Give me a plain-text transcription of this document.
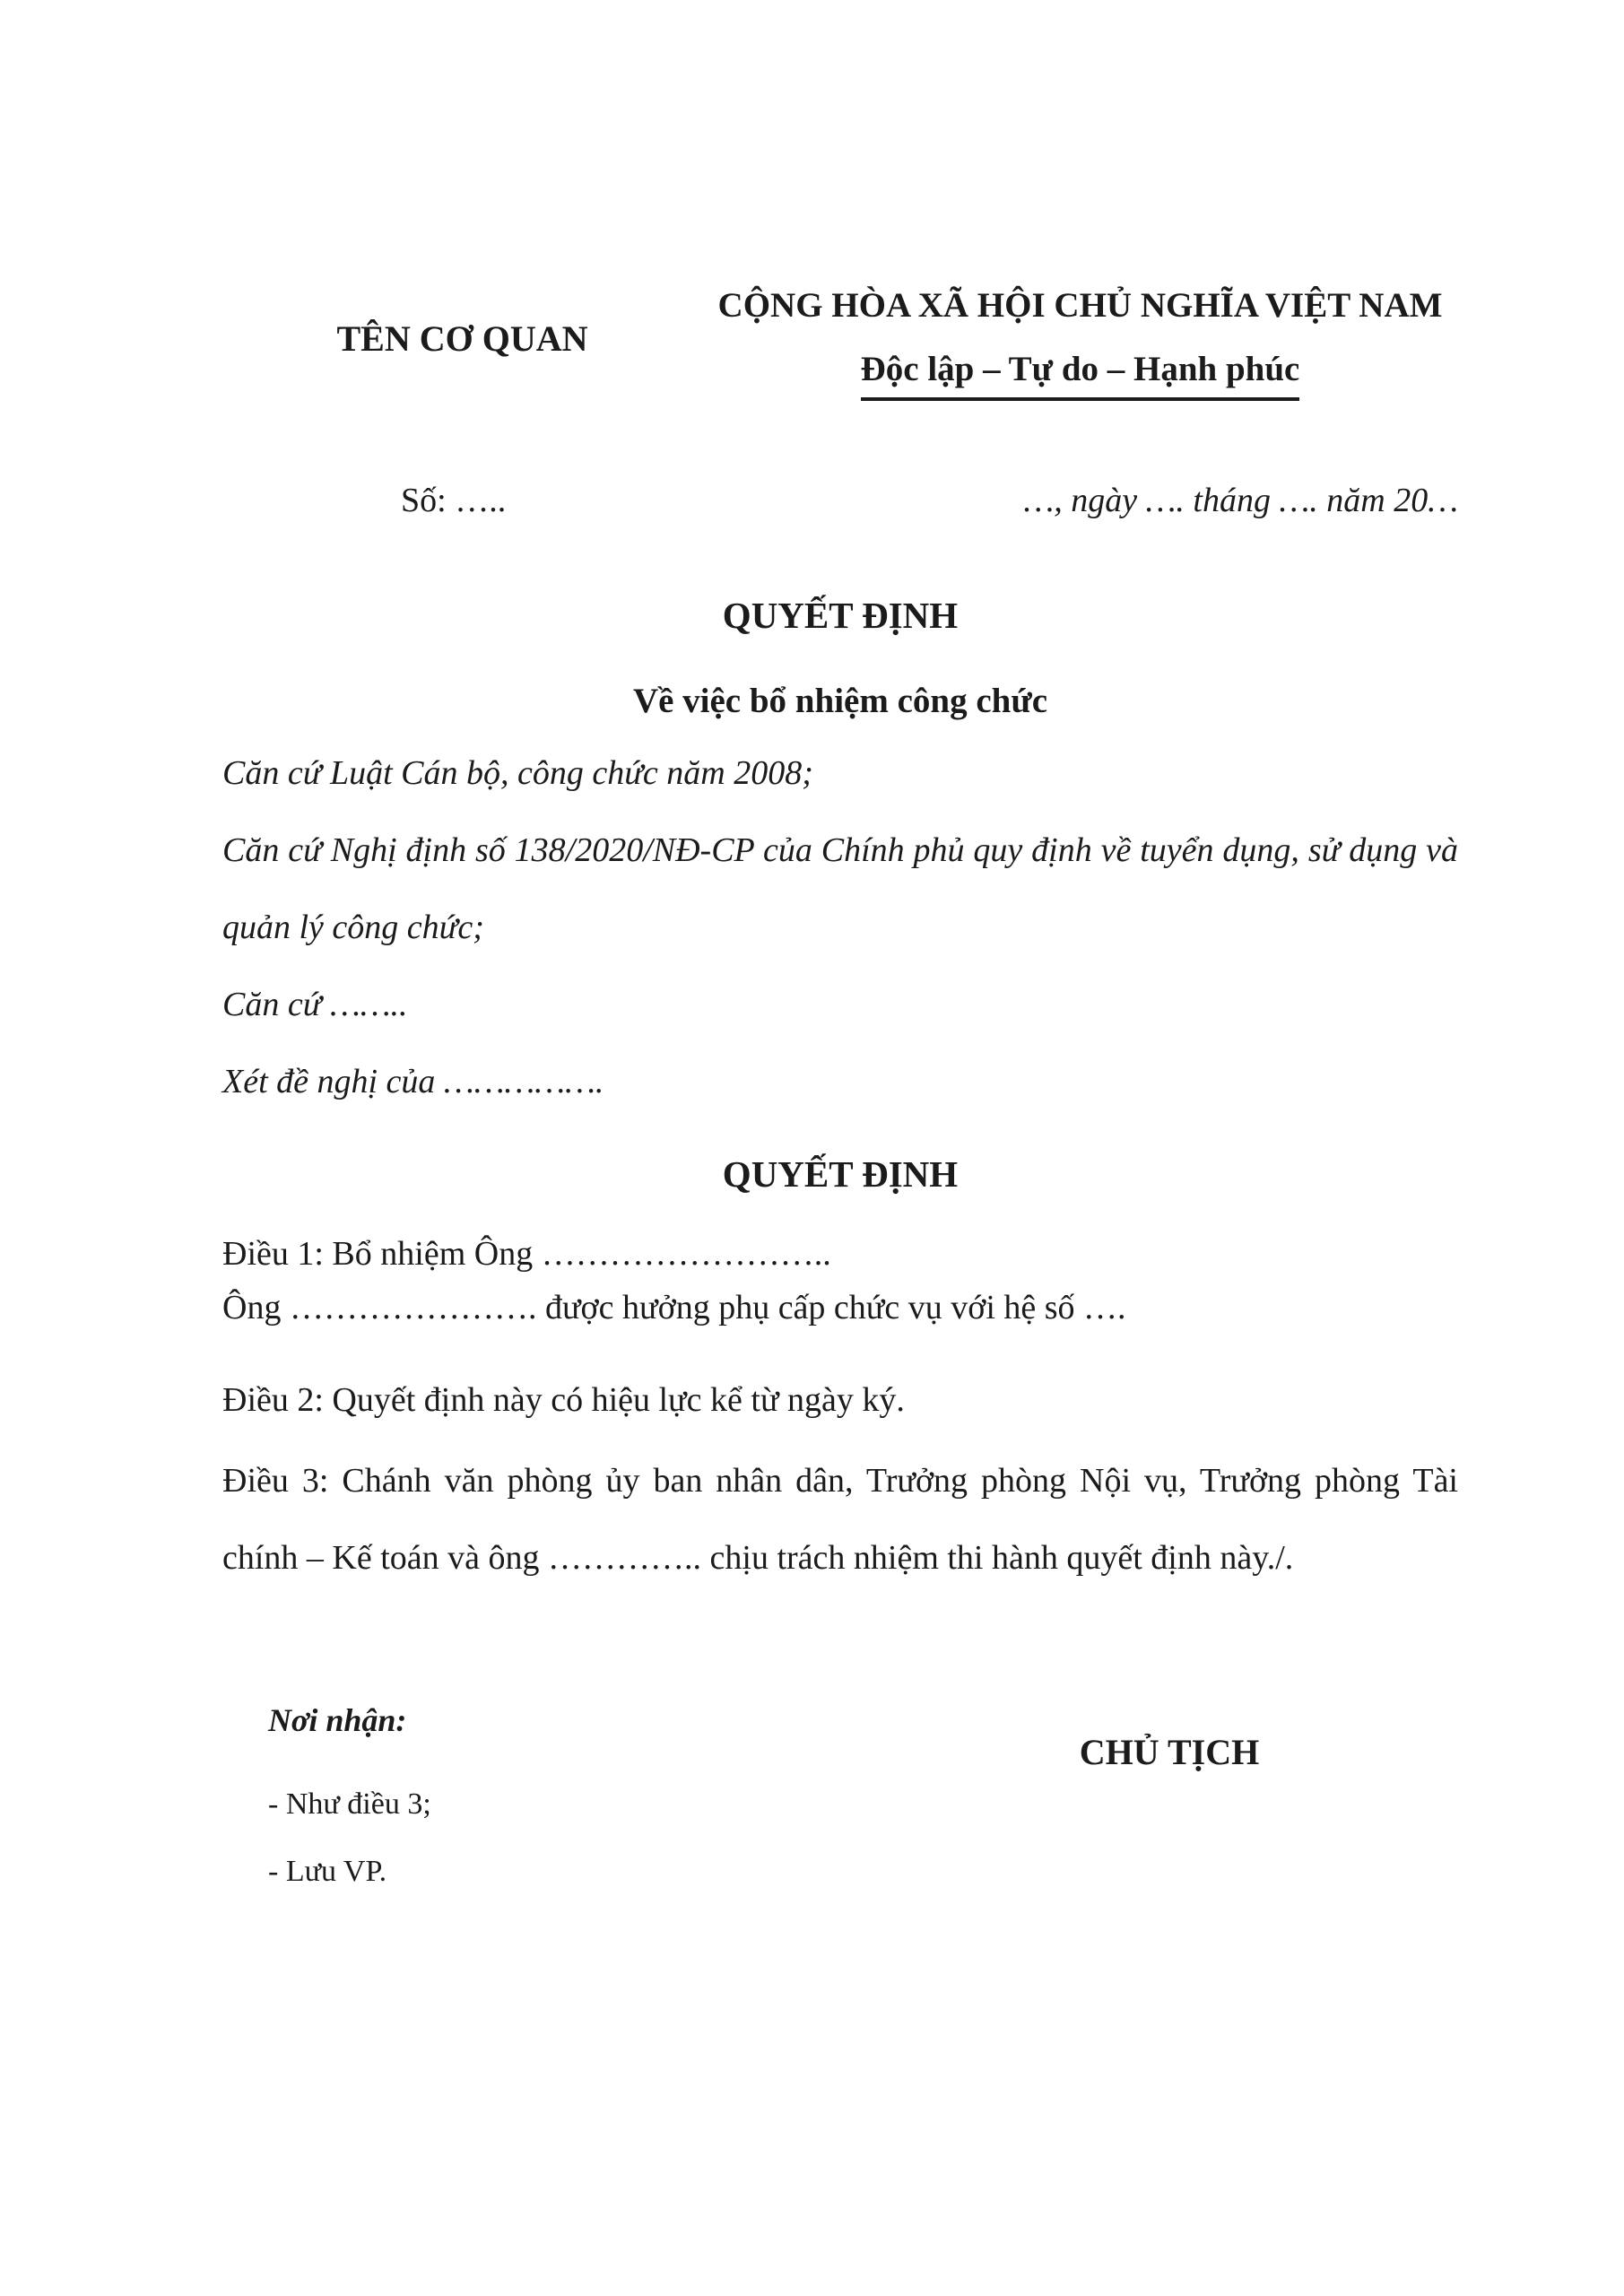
TÊN CƠ QUAN
CỘNG HÒA XÃ HỘI CHỦ NGHĨA VIỆT NAM
Độc lập – Tự do – Hạnh phúc
Số: …..	…, ngày …. tháng …. năm 20…
QUYẾT ĐỊNH
Về việc bổ nhiệm công chức

Căn cứ Luật Cán bộ, công chức năm 2008;

Căn cứ Nghị định số 138/2020/NĐ-CP của Chính phủ quy định về tuyển dụng, sử dụng và quản lý công chức;

Căn cứ ……..

Xét đề nghị của …………….

QUYẾT ĐỊNH

Điều 1: Bổ nhiệm Ông ……………………..
Ông …………………. được hưởng phụ cấp chức vụ với hệ số ….

Điều 2: Quyết định này có hiệu lực kể từ ngày ký.

Điều 3: Chánh văn phòng ủy ban nhân dân, Trưởng phòng Nội vụ, Trưởng phòng Tài chính – Kế toán và ông ………….. chịu trách nhiệm thi hành quyết định này./.

Nơi nhận:
- Như điều 3;
- Lưu VP.
CHỦ TỊCH
